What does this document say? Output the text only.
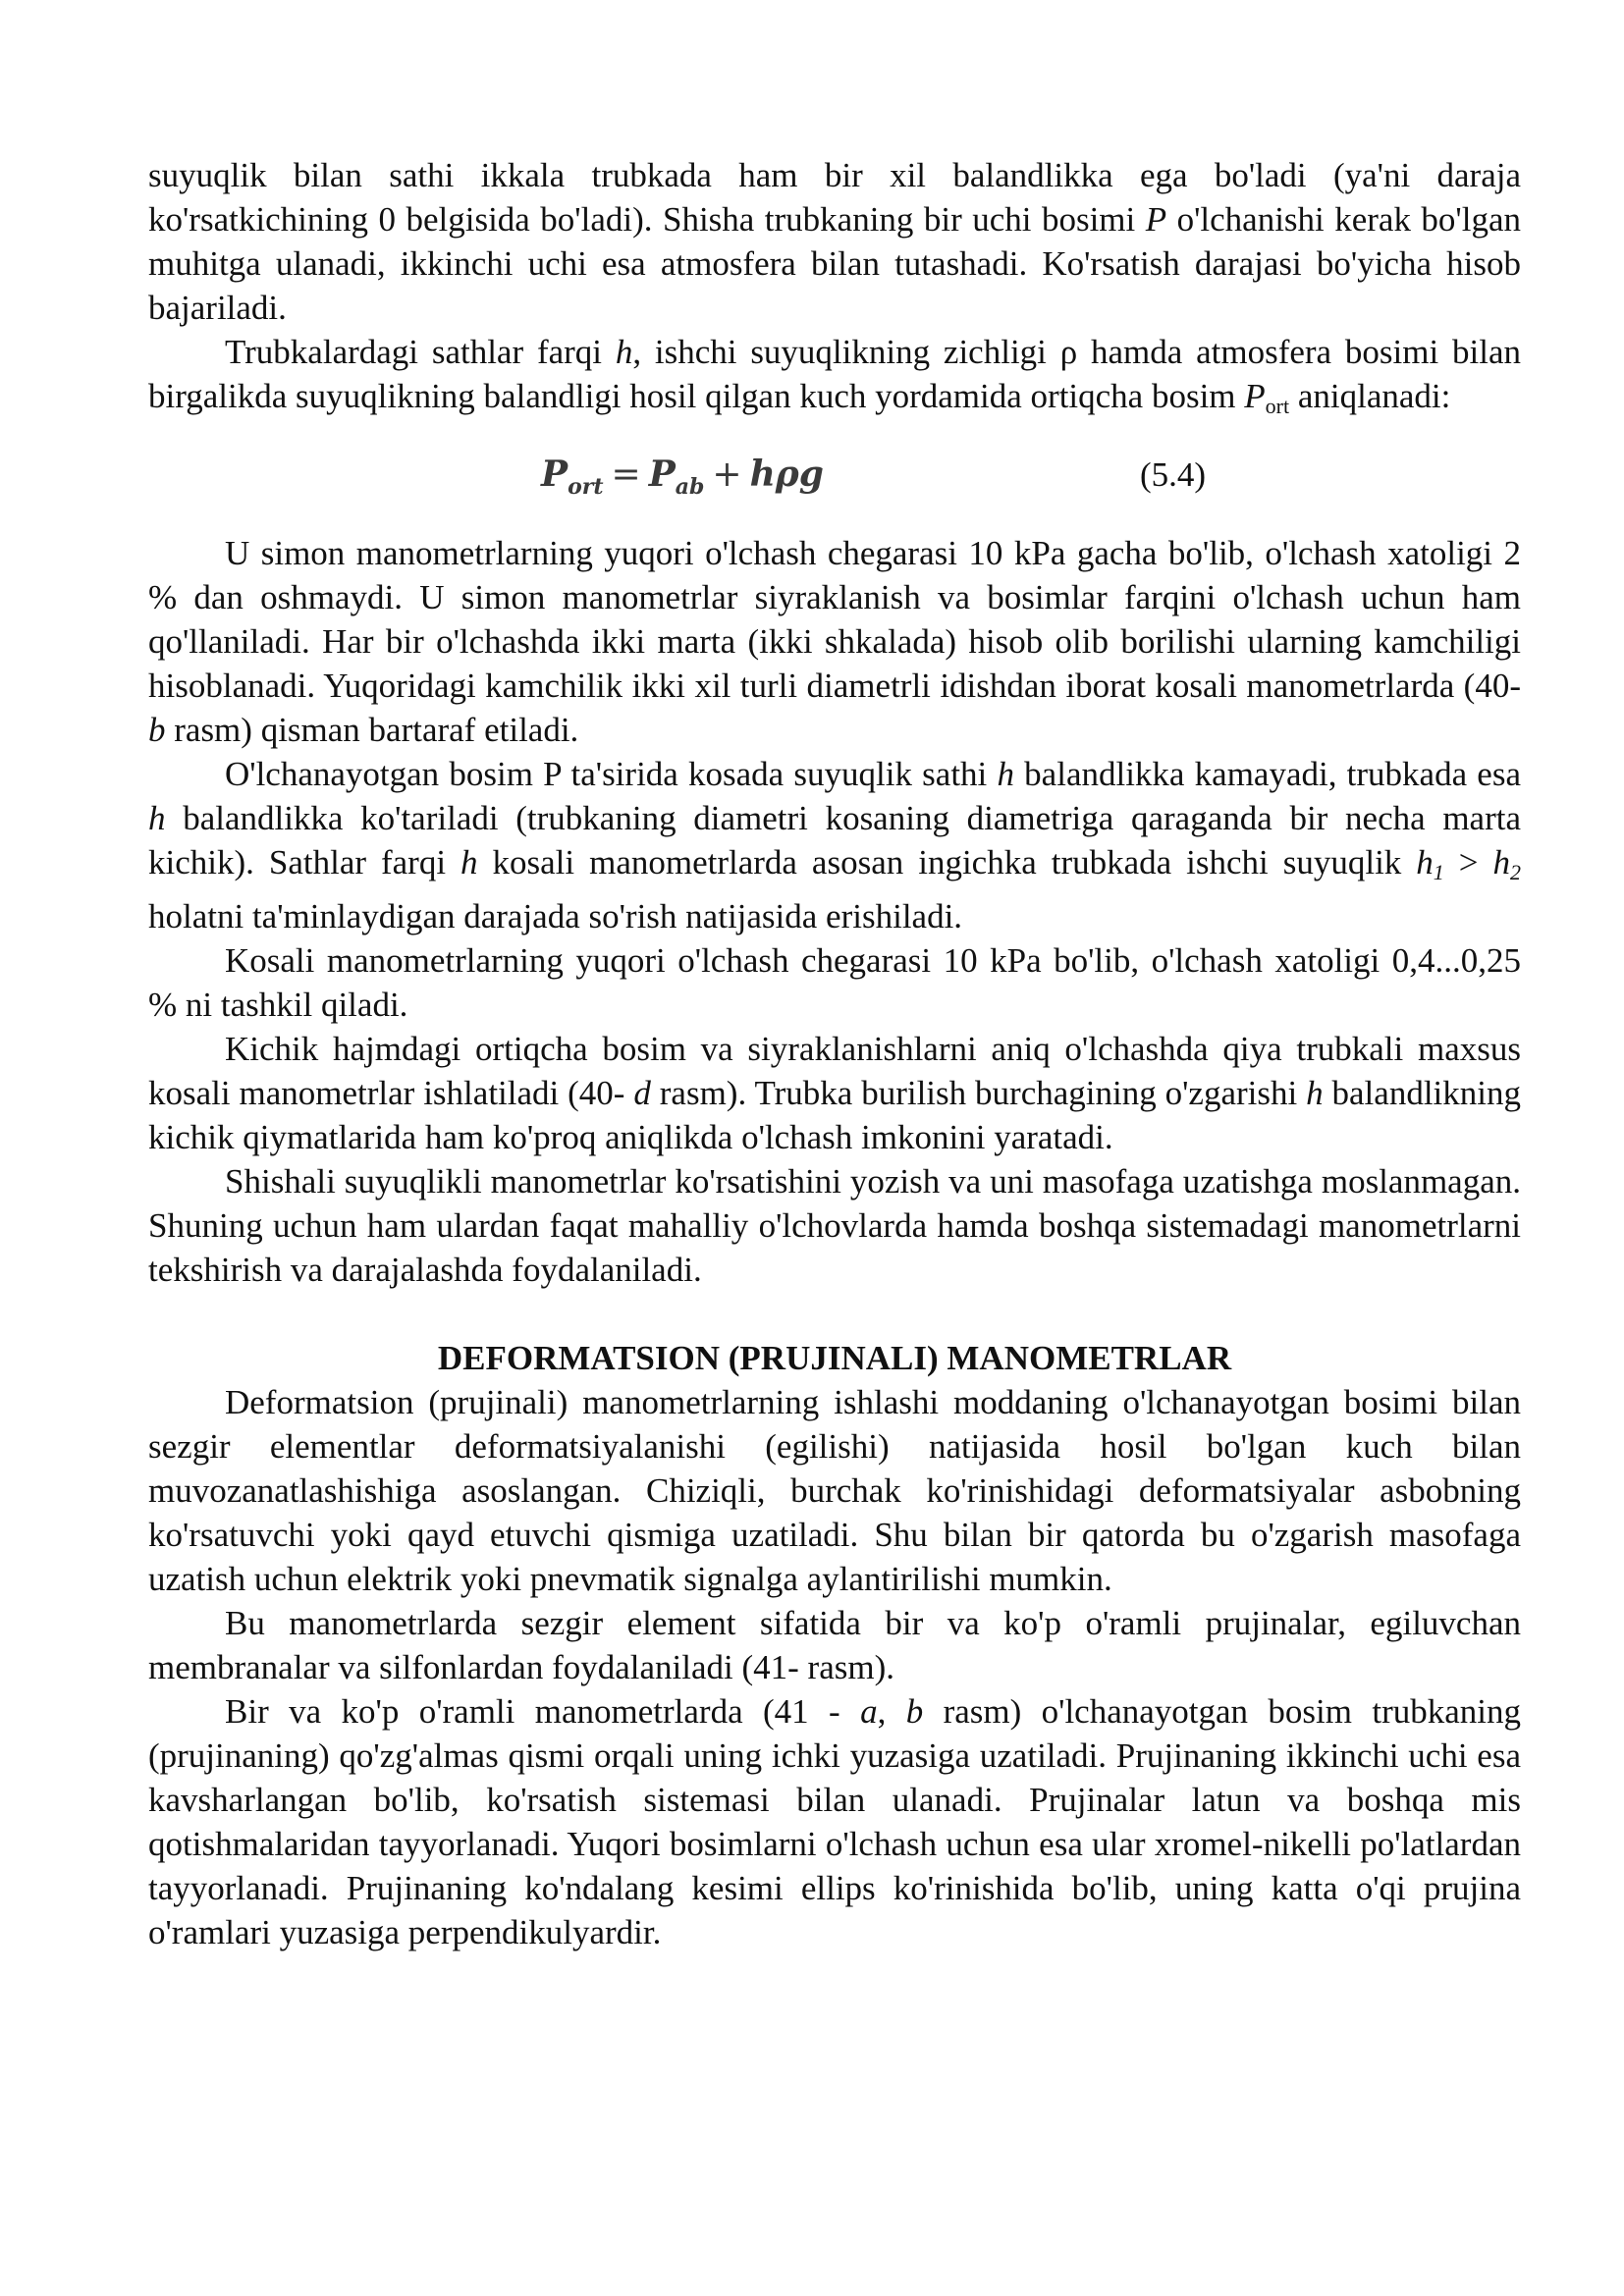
suyuqlik bilan sathi ikkala trubkada ham bir xil balandlikka ega bo'ladi (ya'ni daraja ko'rsatkichining 0 belgisida bo'ladi). Shisha trubkaning bir uchi bosimi P o'lchanishi kerak bo'lgan muhitga ulanadi, ikkinchi uchi esa atmosfera bilan tutashadi. Ko'rsatish darajasi bo'yicha hisob bajariladi.

Trubkalardagi sathlar farqi h, ishchi suyuqlikning zichligi ρ hamda atmosfera bosimi bilan birgalikda suyuqlikning balandligi hosil qilgan kuch yordamida ortiqcha bosim Port aniqlanadi:

$P_{ort} = P_{ab} + h\rho g$	(5.4)

U simon manometrlarning yuqori o'lchash chegarasi 10 kPa gacha bo'lib, o'lchash xatoligi 2 % dan oshmaydi. U simon manometrlar siyraklanish va bosimlar farqini o'lchash uchun ham qo'llaniladi. Har bir o'lchashda ikki marta (ikki shkalada) hisob olib borilishi ularning kamchiligi hisoblanadi. Yuqoridagi kamchilik ikki xil turli diametrli idishdan iborat kosali manometrlarda (40- b rasm) qisman bartaraf etiladi.

O'lchanayotgan bosim P ta'sirida kosada suyuqlik sathi h balandlikka kamayadi, trubkada esa h balandlikka ko'tariladi (trubkaning diametri kosaning diametriga qaraganda bir necha marta kichik). Sathlar farqi h kosali manometrlarda asosan ingichka trubkada ishchi suyuqlik h1 > h2 holatni ta'minlaydigan darajada so'rish natijasida erishiladi.

Kosali manometrlarning yuqori o'lchash chegarasi 10 kPa bo'lib, o'lchash xatoligi 0,4...0,25 % ni tashkil qiladi.

Kichik hajmdagi ortiqcha bosim va siyraklanishlarni aniq o'lchashda qiya trubkali maxsus kosali manometrlar ishlatiladi (40- d rasm). Trubka burilish burchagining o'zgarishi h balandlikning kichik qiymatlarida ham ko'proq aniqlikda o'lchash imkonini yaratadi.

Shishali suyuqlikli manometrlar ko'rsatishini yozish va uni masofaga uzatishga moslanmagan. Shuning uchun ham ulardan faqat mahalliy o'lchovlarda hamda boshqa sistemadagi manometrlarni tekshirish va darajalashda foydalaniladi.

DEFORMATSION (PRUJINALI) MANOMETRLAR

Deformatsion (prujinali) manometrlarning ishlashi moddaning o'lchanayotgan bosimi bilan sezgir elementlar deformatsiyalanishi (egilishi) natijasida hosil bo'lgan kuch bilan muvozanatlashishiga asoslangan. Chiziqli, burchak ko'rinishidagi deformatsiyalar asbobning ko'rsatuvchi yoki qayd etuvchi qismiga uzatiladi. Shu bilan bir qatorda bu o'zgarish masofaga uzatish uchun elektrik yoki pnevmatik signalga aylantirilishi mumkin.

Bu manometrlarda sezgir element sifatida bir va ko'p o'ramli prujinalar, egiluvchan membranalar va silfonlardan foydalaniladi (41- rasm).

Bir va ko'p o'ramli manometrlarda (41 - a, b rasm) o'lchanayotgan bosim trubkaning (prujinaning) qo'zg'almas qismi orqali uning ichki yuzasiga uzatiladi. Prujinaning ikkinchi uchi esa kavsharlangan bo'lib, ko'rsatish sistemasi bilan ulanadi. Prujinalar latun va boshqa mis qotishmalaridan tayyorlanadi. Yuqori bosimlarni o'lchash uchun esa ular xromel-nikelli po'latlardan tayyorlanadi. Prujinaning ko'ndalang kesimi ellips ko'rinishida bo'lib, uning katta o'qi prujina o'ramlari yuzasiga perpendikulyardir.
